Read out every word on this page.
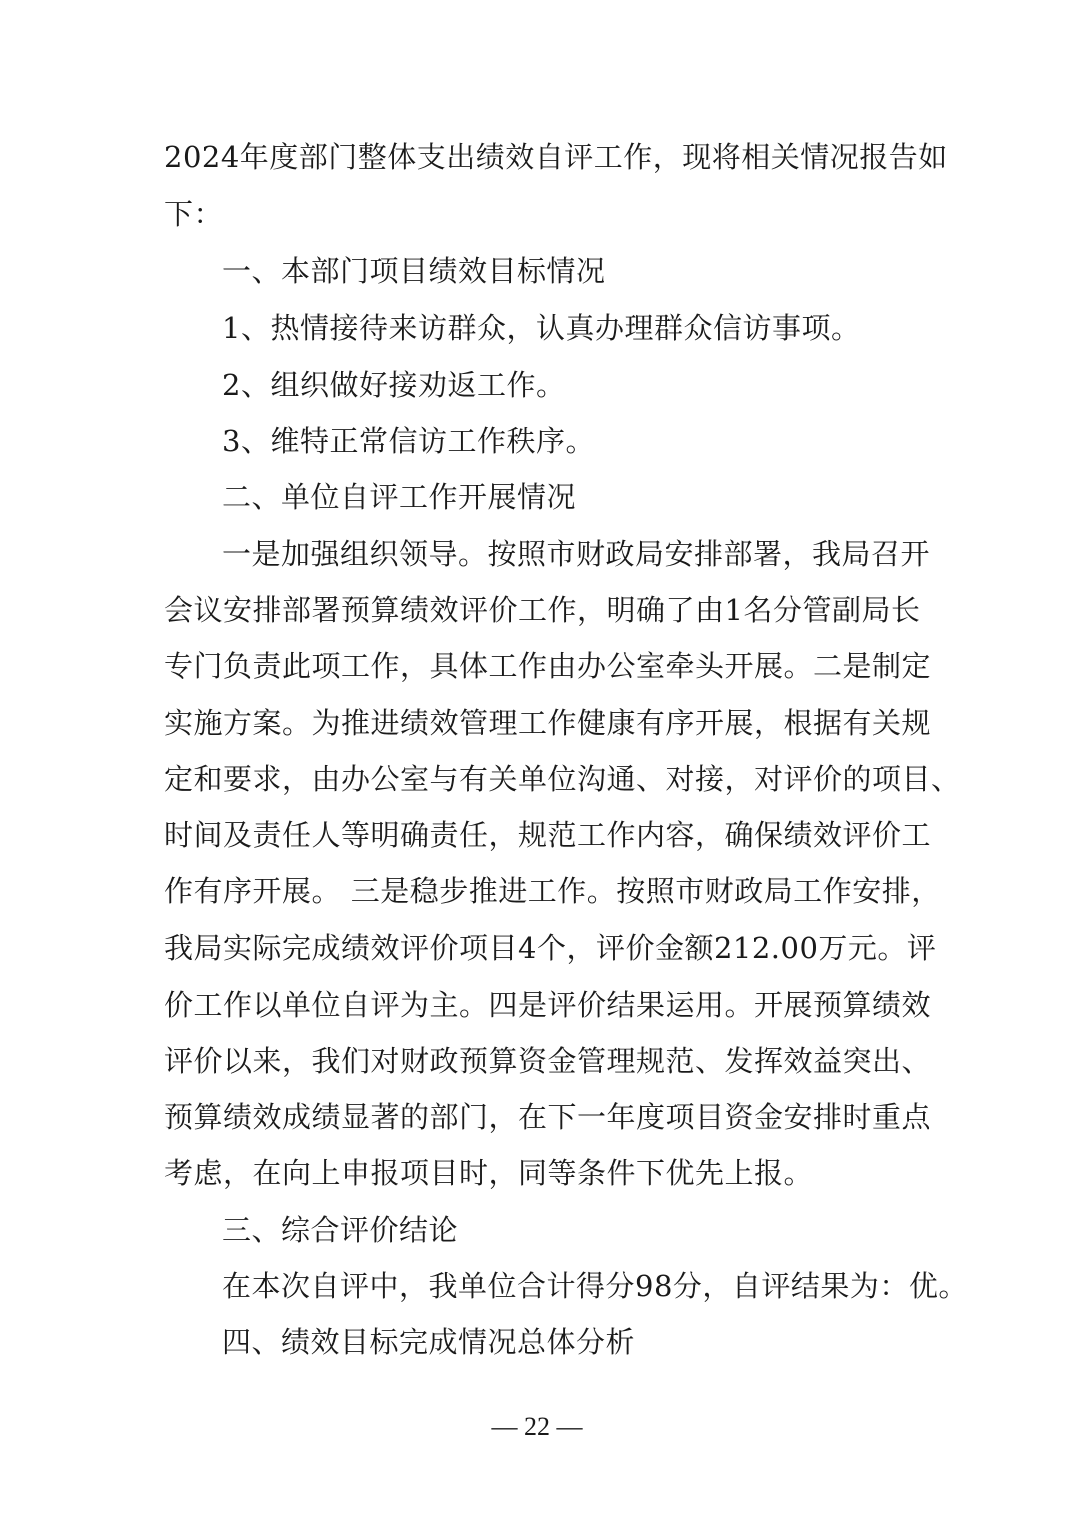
2024年度部门整体支出绩效自评工作，现将相关情况报告如
下：
一、本部门项目绩效目标情况
1、热情接待来访群众，认真办理群众信访事项。
2、组织做好接劝返工作。
3、维特正常信访工作秩序。
二、单位自评工作开展情况
一是加强组织领导。按照市财政局安排部署，我局召开
会议安排部署预算绩效评价工作，明确了由1名分管副局长
专门负责此项工作，具体工作由办公室牵头开展。二是制定
实施方案。为推进绩效管理工作健康有序开展，根据有关规
定和要求，由办公室与有关单位沟通、对接，对评价的项目、
时间及责任人等明确责任，规范工作内容，确保绩效评价工
作有序开展。 三是稳步推进工作。按照市财政局工作安排，
我局实际完成绩效评价项目4个，评价金额212.00万元。评
价工作以单位自评为主。四是评价结果运用。开展预算绩效
评价以来，我们对财政预算资金管理规范、发挥效益突出、
预算绩效成绩显著的部门，在下一年度项目资金安排时重点
考虑，在向上申报项目时，同等条件下优先上报。
三、综合评价结论
在本次自评中，我单位合计得分98分，自评结果为：优。
四、绩效目标完成情况总体分析
— 22 —
